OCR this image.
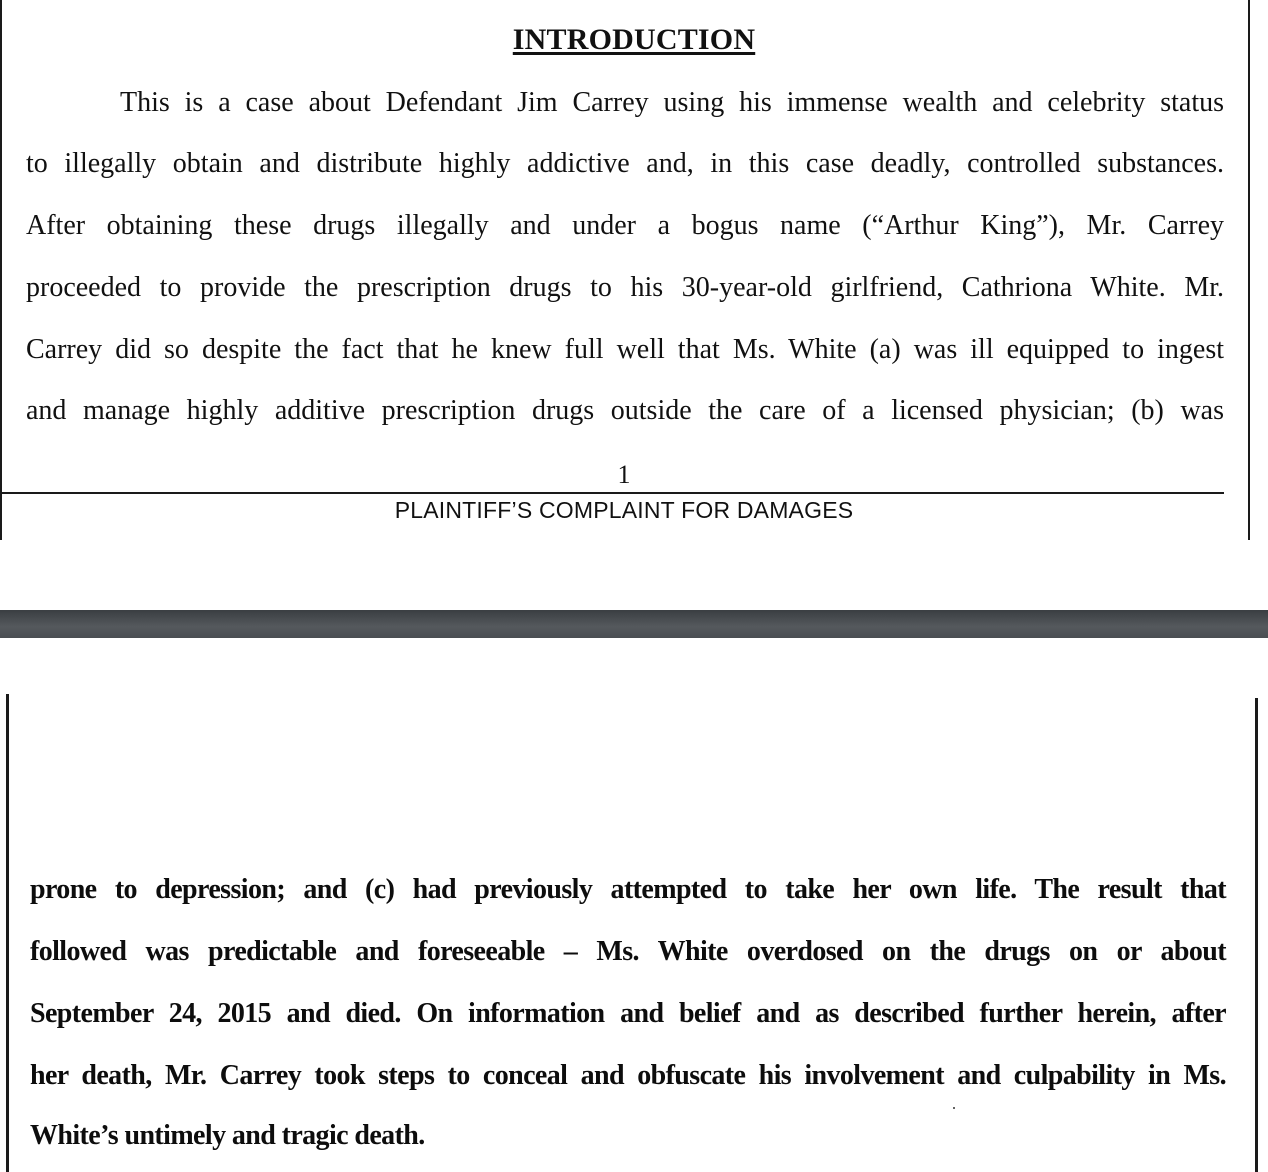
INTRODUCTION
This is a case about Defendant Jim Carrey using his immense wealth and celebrity status
to illegally obtain and distribute highly addictive and, in this case deadly, controlled substances.
After obtaining these drugs illegally and under a bogus name (“Arthur King”), Mr. Carrey
proceeded to provide the prescription drugs to his 30-year-old girlfriend, Cathriona White. Mr.
Carrey did so despite the fact that he knew full well that Ms. White (a) was ill equipped to ingest
and manage highly additive prescription drugs outside the care of a licensed physician; (b) was
1
PLAINTIFF’S COMPLAINT FOR DAMAGES
prone to depression; and (c) had previously attempted to take her own life. The result that
followed was predictable and foreseeable – Ms. White overdosed on the drugs on or about
September 24, 2015 and died. On information and belief and as described further herein, after
her death, Mr. Carrey took steps to conceal and obfuscate his involvement and culpability in Ms.
White’s untimely and tragic death.
